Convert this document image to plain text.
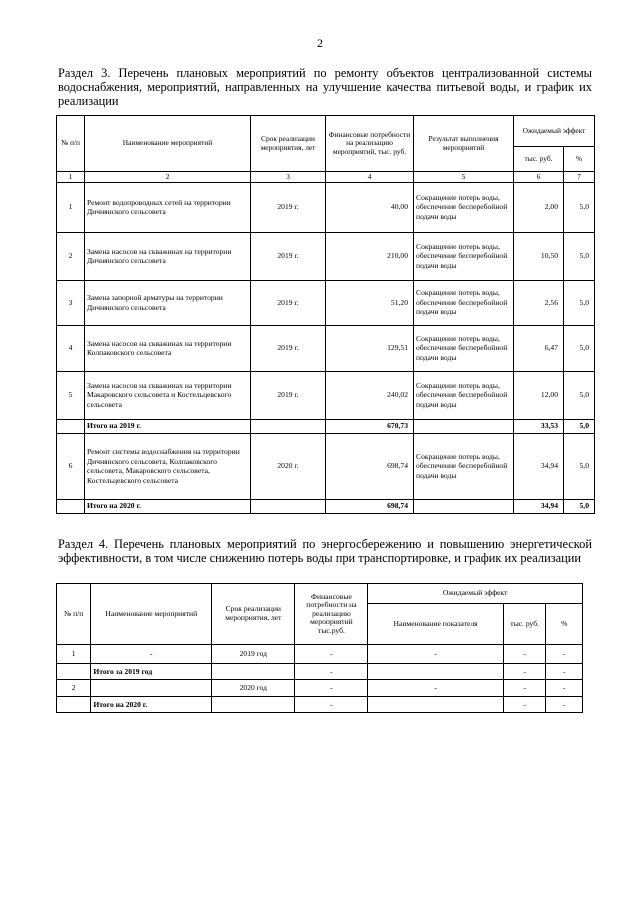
2
Раздел 3. Перечень плановых мероприятий по ремонту объектов централизованной системы водоснабжения, мероприятий, направленных на улучшение качества питьевой воды, и график их реализации
№ п/п	Наименование мероприятий	Срок реализации мероприятия, лет	Финансовые потребности на реализацию мероприятий, тыс. руб.	Результат выполнения мероприятий	Ожидаемый эффект	
					тыс. руб.	%
1	2	3	4	5	6	7
1	Ремонт водопроводных сетей на территории Дичнянского сельсовета	2019 г.	40,00	Сокращение потерь воды, обеспечение бесперебойной подачи воды	2,00	5,0
2	Замена насосов на скважинах на территории Дичнянского сельсовета	2019 г.	210,00	Сокращение потерь воды, обеспечение бесперебойной подачи воды	10,50	5,0
3	Замена запорной арматуры на территории Дичнянского сельсовета	2019 г.	51,20	Сокращение потерь воды, обеспечение бесперебойной подачи воды	2,56	5,0
4	Замена насосов на скважинах на территории Колпаковского сельсовета	2019 г.	129,51	Сокращение потерь воды, обеспечение бесперебойной подачи воды	6,47	5,0
5	Замена насосов на скважинах на территории Макаровского сельсовета и Костельцевского сельсовета	2019 г.	240,02	Сокращение потерь воды, обеспечение бесперебойной подачи воды	12,00	5,0
	Итого на 2019 г.		670,73		33,53	5,0
6	Ремонт системы водоснабжения на территории Дичнянского сельсовета, Колпаковского сельсовета, Макаровского сельсовета, Костельцевского сельсовета	2020 г.	698,74	Сокращение потерь воды, обеспечение бесперебойной подачи воды	34,94	5,0
	Итого на 2020 г.		698,74		34,94	5,0
Раздел 4. Перечень плановых мероприятий по энергосбережению и повышению энергетической эффективности, в том числе снижению потерь воды при транспортировке, и график их реализации
№ п/п	Наименование мероприятий	Срок реализации мероприятия, лет	Финансовые потребности на реализацию мероприятий тыс.руб.	Ожидаемый эффект		
				Наименование показателя	тыс. руб.	%
1	-	2019 год	-	-	-	-
	Итого за 2019 год		-		-	-
2		2020 год	-	-	-	-
	Итого на 2020 г.		-		-	-
